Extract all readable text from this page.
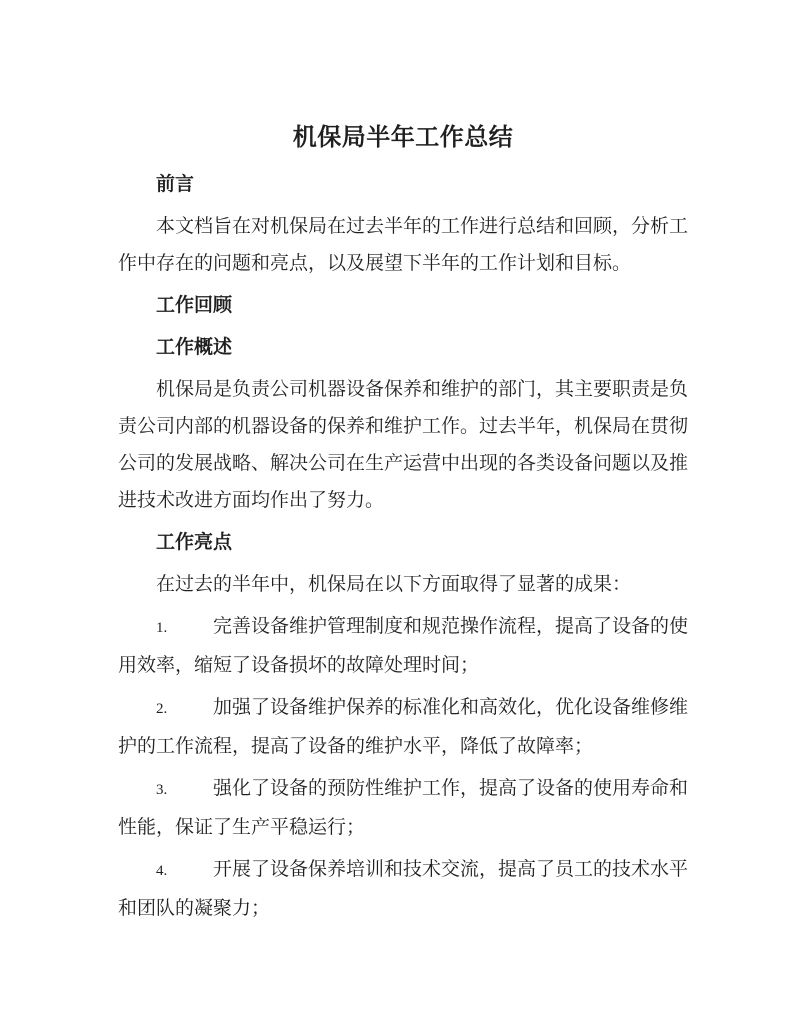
机保局半年工作总结
前言

本文档旨在对机保局在过去半年的工作进行总结和回顾，分析工作中存在的问题和亮点，以及展望下半年的工作计划和目标。

工作回顾
工作概述

机保局是负责公司机器设备保养和维护的部门，其主要职责是负责公司内部的机器设备的保养和维护工作。过去半年，机保局在贯彻公司的发展战略、解决公司在生产运营中出现的各类设备问题以及推进技术改进方面均作出了努力。

工作亮点

在过去的半年中，机保局在以下方面取得了显著的成果：

1. 完善设备维护管理制度和规范操作流程，提高了设备的使用效率，缩短了设备损坏的故障处理时间；

2. 加强了设备维护保养的标准化和高效化，优化设备维修维护的工作流程，提高了设备的维护水平，降低了故障率；

3. 强化了设备的预防性维护工作，提高了设备的使用寿命和性能，保证了生产平稳运行；

4. 开展了设备保养培训和技术交流，提高了员工的技术水平和团队的凝聚力；
